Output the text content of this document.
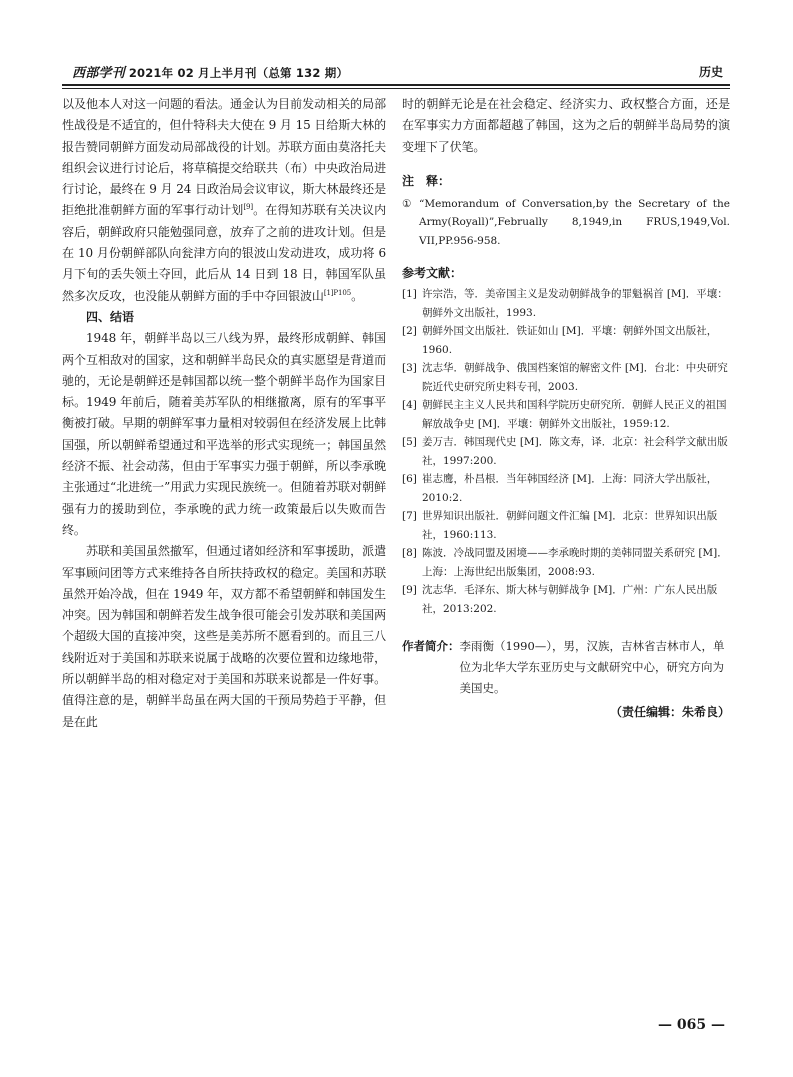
西部学刊 2021年 02 月上半月刊（总第 132 期）	历史

以及他本人对这一问题的看法。通金认为目前发动相关的局部性战役是不适宜的，但什特科夫大使在 9 月 15 日给斯大林的报告赞同朝鲜方面发动局部战役的计划。苏联方面由莫洛托夫组织会议进行讨论后，将草稿提交给联共（布）中央政治局进行讨论，最终在 9 月 24 日政治局会议审议，斯大林最终还是拒绝批准朝鲜方面的军事行动计划[9]。在得知苏联有关决议内容后，朝鲜政府只能勉强同意，放弃了之前的进攻计划。但是在 10 月份朝鲜部队向瓮津方向的银波山发动进攻，成功将 6 月下旬的丢失领土夺回，此后从 14 日到 18 日，韩国军队虽然多次反攻，也没能从朝鲜方面的手中夺回银波山$^{[1]P105}$。

四、结语

1948 年，朝鲜半岛以三八线为界，最终形成朝鲜、韩国两个互相敌对的国家，这和朝鲜半岛民众的真实愿望是背道而驰的，无论是朝鲜还是韩国都以统一整个朝鲜半岛作为国家目标。1949 年前后，随着美苏军队的相继撤离，原有的军事平衡被打破。早期的朝鲜军事力量相对较弱但在经济发展上比韩国强，所以朝鲜希望通过和平选举的形式实现统一；韩国虽然经济不振、社会动荡，但由于军事实力强于朝鲜，所以李承晚主张通过“北进统一”用武力实现民族统一。但随着苏联对朝鲜强有力的援助到位，李承晚的武力统一政策最后以失败而告终。

苏联和美国虽然撤军，但通过诸如经济和军事援助，派遣军事顾问团等方式来维持各自所扶持政权的稳定。美国和苏联虽然开始冷战，但在 1949 年，双方都不希望朝鲜和韩国发生冲突。因为韩国和朝鲜若发生战争很可能会引发苏联和美国两个超级大国的直接冲突，这些是美苏所不愿看到的。而且三八线附近对于美国和苏联来说属于战略的次要位置和边缘地带，所以朝鲜半岛的相对稳定对于美国和苏联来说都是一件好事。值得注意的是，朝鲜半岛虽在两大国的干预局势趋于平静，但是在此

时的朝鲜无论是在社会稳定、经济实力、政权整合方面，还是在军事实力方面都超越了韩国，这为之后的朝鲜半岛局势的演变埋下了伏笔。

注　释：

① “Memorandum of Conversation,by the Secretary of the Army(Royall)”,Februally 8,1949,in FRUS,1949,Vol. VII,PP.956-958.

参考文献：

[1] 许宗浩，等．美帝国主义是发动朝鲜战争的罪魁祸首 [M]．平壤：朝鲜外文出版社，1993.
[2] 朝鲜外国文出版社．铁证如山 [M]．平壤：朝鲜外国文出版社，1960.
[3] 沈志华．朝鲜战争、俄国档案馆的解密文件 [M]．台北：中央研究院近代史研究所史料专刊，2003.
[4] 朝鲜民主主义人民共和国科学院历史研究所．朝鲜人民正义的祖国解放战争史 [M]．平壤：朝鲜外文出版社，1959:12.
[5] 姜万吉．韩国现代史 [M]．陈文寿，译．北京：社会科学文献出版社，1997:200.
[6] 崔志鹰，朴昌根．当年韩国经济 [M]．上海：同济大学出版社，2010:2.
[7] 世界知识出版社．朝鲜问题文件汇编 [M]．北京：世界知识出版社，1960:113.
[8] 陈波．冷战同盟及困境——李承晚时期的美韩同盟关系研究 [M]．上海：上海世纪出版集团，2008:93.
[9] 沈志华．毛泽东、斯大林与朝鲜战争 [M]．广州：广东人民出版社，2013:202.
作者简介： 李雨衡（1990—），男，汉族，吉林省吉林市人，单位为北华大学东亚历史与文献研究中心，研究方向为美国史。
（责任编辑：朱希良）
— 065 —
